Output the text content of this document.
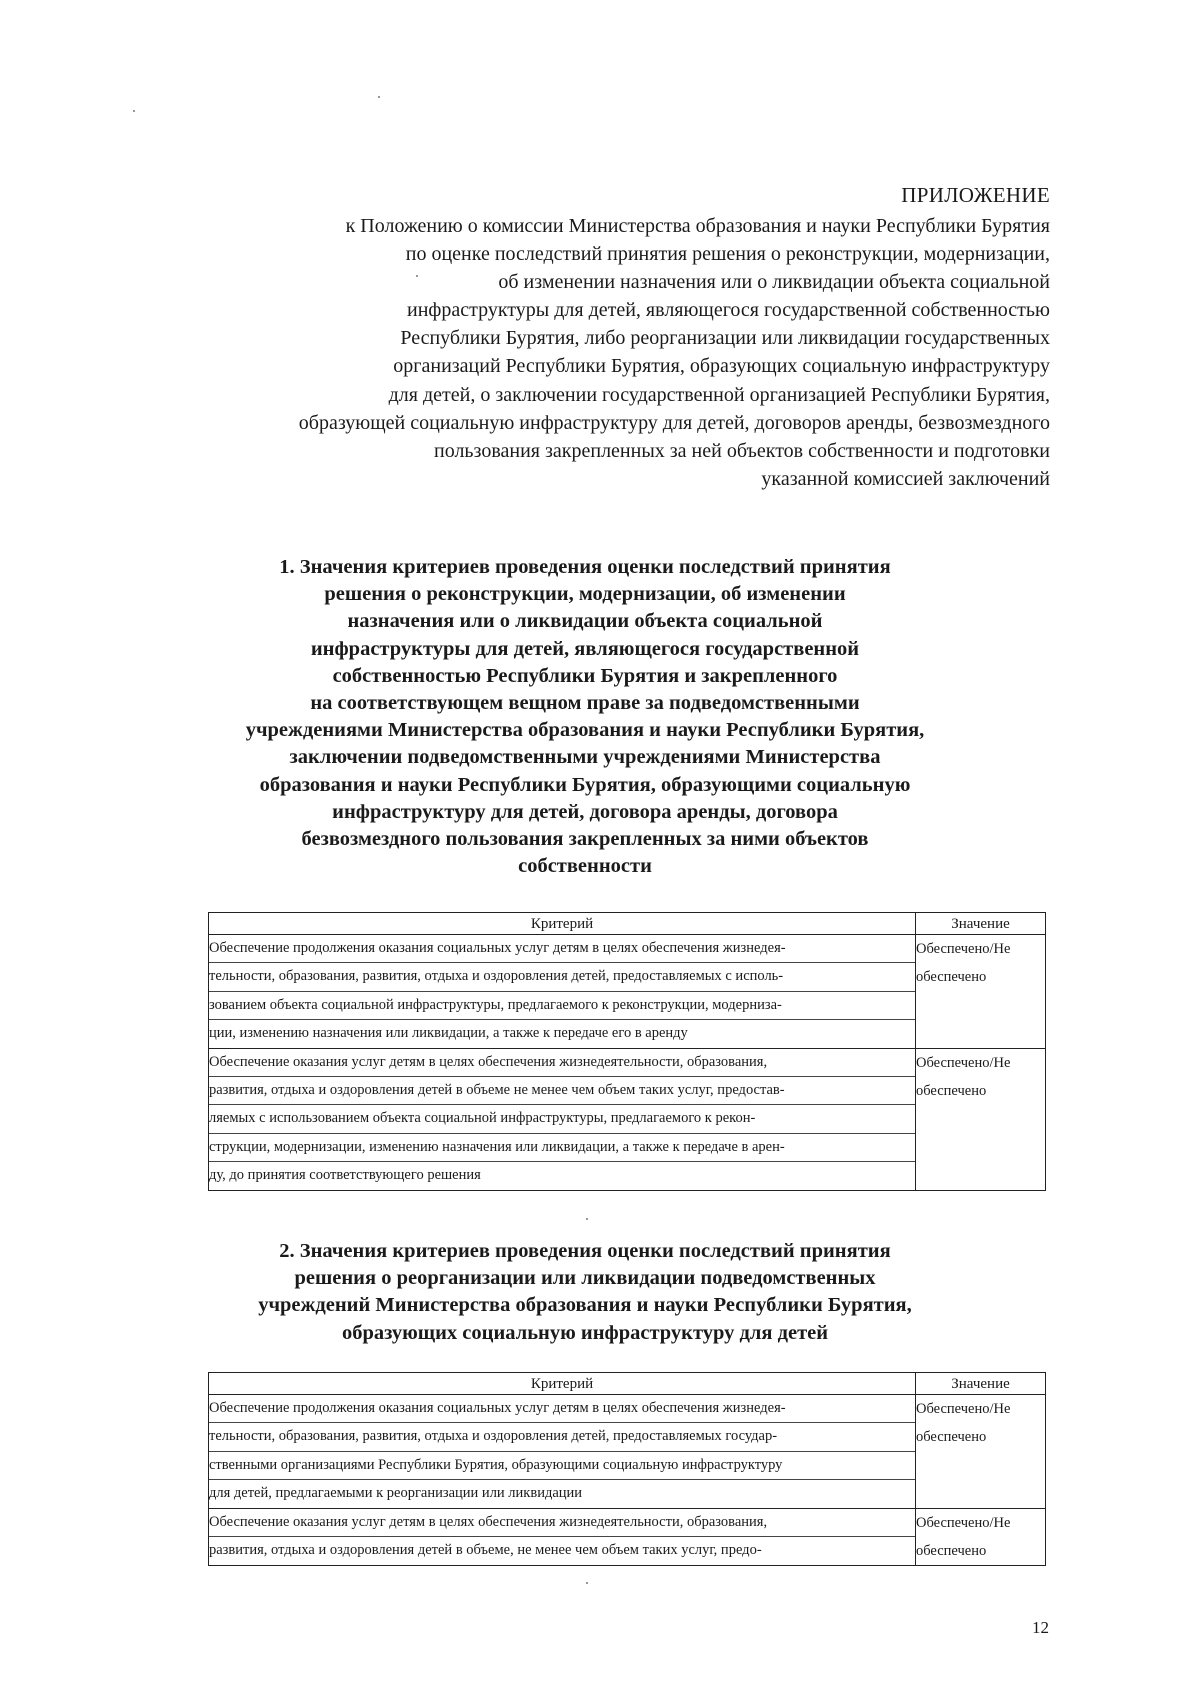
ПРИЛОЖЕНИЕ
к Положению о комиссии Министерства образования и науки Республики Бурятия
по оценке последствий принятия решения о реконструкции, модернизации,
об изменении назначения или о ликвидации объекта социальной
инфраструктуры для детей, являющегося государственной собственностью
Республики Бурятия, либо реорганизации или ликвидации государственных
организаций Республики Бурятия, образующих социальную инфраструктуру
для детей, о заключении государственной организацией Республики Бурятия,
образующей социальную инфраструктуру для детей, договоров аренды, безвозмездного
пользования закрепленных за ней объектов собственности и подготовки
указанной комиссией заключений
1. Значения критериев проведения оценки последствий принятия
решения о реконструкции, модернизации, об изменении
назначения или о ликвидации объекта социальной
инфраструктуры для детей, являющегося государственной
собственностью Республики Бурятия и закрепленного
на соответствующем вещном праве за подведомственными
учреждениями Министерства образования и науки Республики Бурятия,
заключении подведомственными учреждениями Министерства
образования и науки Республики Бурятия, образующими социальную
инфраструктуру для детей, договора аренды, договора
безвозмездного пользования закрепленных за ними объектов
собственности
Критерий	Значение

Обеспечение продолжения оказания социальных услуг детям в целях обеспечения жизнедея-
тельности, образования, развития, отдыха и оздоровления детей, предоставляемых с исполь-
зованием объекта социальной инфраструктуры, предлагаемого к реконструкции, модерниза-
ции, изменению назначения или ликвидации, а также к передаче его в аренду	Обеспечено/Не
обеспечено

Обеспечение оказания услуг детям в целях обеспечения жизнедеятельности, образования,
развития, отдыха и оздоровления детей в объеме не менее чем объем таких услуг, предостав-
ляемых с использованием объекта социальной инфраструктуры, предлагаемого к рекон-
струкции, модернизации, изменению назначения или ликвидации, а также к передаче в арен-
ду, до принятия соответствующего решения	Обеспечено/Не
обеспечено
2. Значения критериев проведения оценки последствий принятия
решения о реорганизации или ликвидации подведомственных
учреждений Министерства образования и науки Республики Бурятия,
образующих социальную инфраструктуру для детей
Критерий	Значение

Обеспечение продолжения оказания социальных услуг детям в целях обеспечения жизнедея-
тельности, образования, развития, отдыха и оздоровления детей, предоставляемых государ-
ственными организациями Республики Бурятия, образующими социальную инфраструктуру
для детей, предлагаемыми к реорганизации или ликвидации	Обеспечено/Не
обеспечено

Обеспечение оказания услуг детям в целях обеспечения жизнедеятельности, образования,
развития, отдыха и оздоровления детей в объеме, не менее чем объем таких услуг, предо-	Обеспечено/Не
обеспечено
12
